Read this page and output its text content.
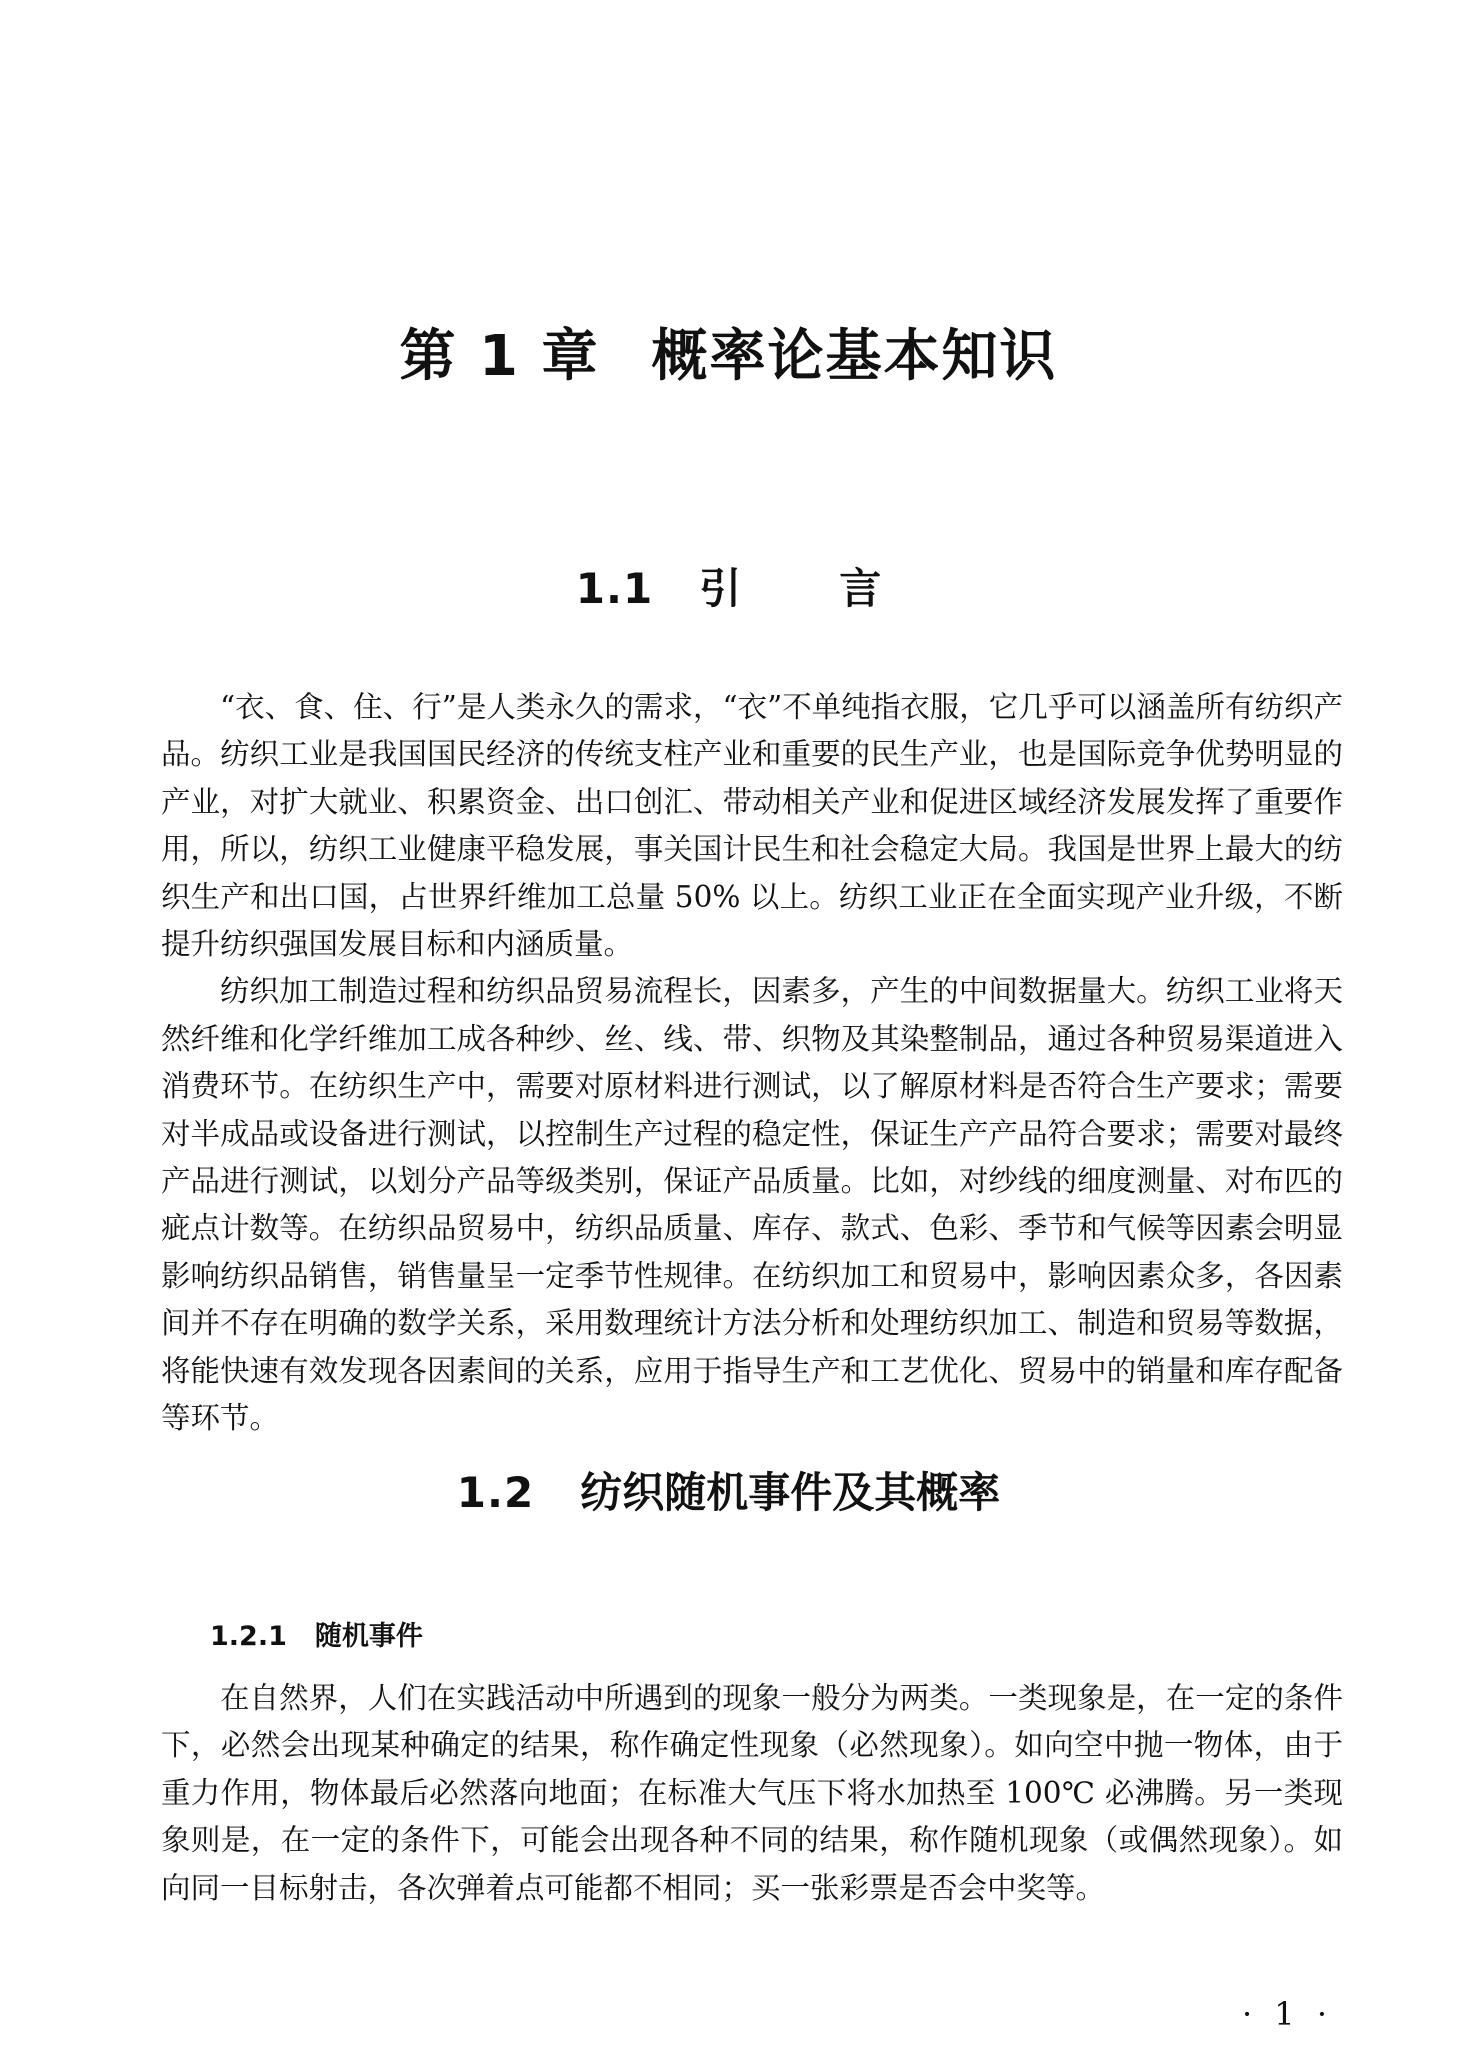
第 1 章 概率论基本知识
1.1 引 言

“衣、食、住、行”是人类永久的需求，“衣”不单纯指衣服，它几乎可以涵盖所有纺织产品。纺织工业是我国国民经济的传统支柱产业和重要的民生产业，也是国际竞争优势明显的产业，对扩大就业、积累资金、出口创汇、带动相关产业和促进区域经济发展发挥了重要作用，所以，纺织工业健康平稳发展，事关国计民生和社会稳定大局。我国是世界上最大的纺织生产和出口国，占世界纤维加工总量 50% 以上。纺织工业正在全面实现产业升级，不断提升纺织强国发展目标和内涵质量。

纺织加工制造过程和纺织品贸易流程长，因素多，产生的中间数据量大。纺织工业将天然纤维和化学纤维加工成各种纱、丝、线、带、织物及其染整制品，通过各种贸易渠道进入消费环节。在纺织生产中，需要对原材料进行测试，以了解原材料是否符合生产要求；需要对半成品或设备进行测试，以控制生产过程的稳定性，保证生产产品符合要求；需要对最终产品进行测试，以划分产品等级类别，保证产品质量。比如，对纱线的细度测量、对布匹的疵点计数等。在纺织品贸易中，纺织品质量、库存、款式、色彩、季节和气候等因素会明显影响纺织品销售，销售量呈一定季节性规律。在纺织加工和贸易中，影响因素众多，各因素间并不存在明确的数学关系，采用数理统计方法分析和处理纺织加工、制造和贸易等数据，将能快速有效发现各因素间的关系，应用于指导生产和工艺优化、贸易中的销量和库存配备等环节。

1.2 纺织随机事件及其概率
1.2.1 随机事件

在自然界，人们在实践活动中所遇到的现象一般分为两类。一类现象是，在一定的条件下，必然会出现某种确定的结果，称作确定性现象（必然现象）。如向空中抛一物体，由于重力作用，物体最后必然落向地面；在标准大气压下将水加热至 100℃ 必沸腾。另一类现象则是，在一定的条件下，可能会出现各种不同的结果，称作随机现象（或偶然现象）。如向同一目标射击，各次弹着点可能都不相同；买一张彩票是否会中奖等。

· 1 ·
